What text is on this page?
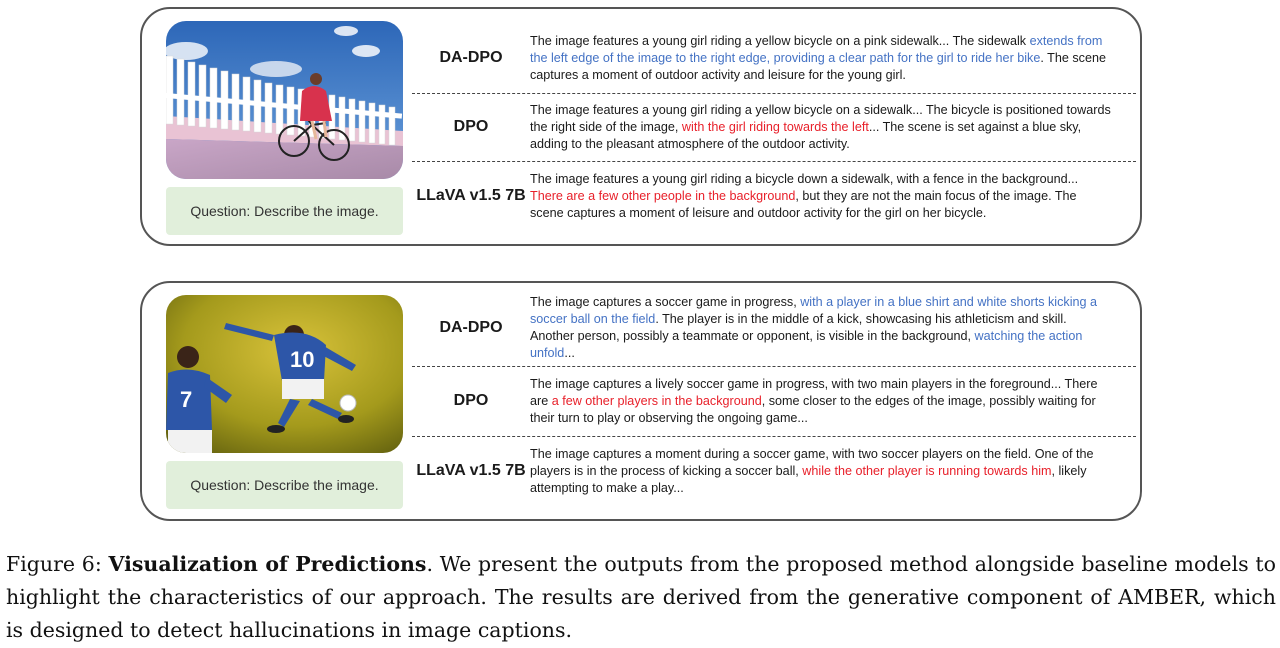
Question: Describe the image.
DA-DPO

The image features a young girl riding a yellow bicycle on a pink sidewalk... The sidewalk extends from the left edge of the image to the right edge, providing a clear path for the girl to ride her bike. The scene captures a moment of outdoor activity and leisure for the young girl.

DPO

The image features a young girl riding a yellow bicycle on a sidewalk... The bicycle is positioned towards the right side of the image, with the girl riding towards the left... The scene is set against a blue sky, adding to the pleasant atmosphere of the outdoor activity.

LLaVA v1.5 7B

The image features a young girl riding a bicycle down a sidewalk, with a fence in the background... There are a few other people in the background, but they are not the main focus of the image. The scene captures a moment of leisure and outdoor activity for the girl on her bicycle.

7
10
Question: Describe the image.
DA-DPO

The image captures a soccer game in progress, with a player in a blue shirt and white shorts kicking a soccer ball on the field. The player is in the middle of a kick, showcasing his athleticism and skill. Another person, possibly a teammate or opponent, is visible in the background, watching the action unfold...

DPO

The image captures a lively soccer game in progress, with two main players in the foreground... There are a few other players in the background, some closer to the edges of the image, possibly waiting for their turn to play or observing the ongoing game...

LLaVA v1.5 7B

The image captures a moment during a soccer game, with two soccer players on the field. One of the players is in the process of kicking a soccer ball, while the other player is running towards him, likely attempting to make a play...

Figure 6: Visualization of Predictions. We present the outputs from the proposed method alongside baseline models to highlight the characteristics of our approach. The results are derived from the generative component of AMBER, which is designed to detect hallucinations in image captions.
